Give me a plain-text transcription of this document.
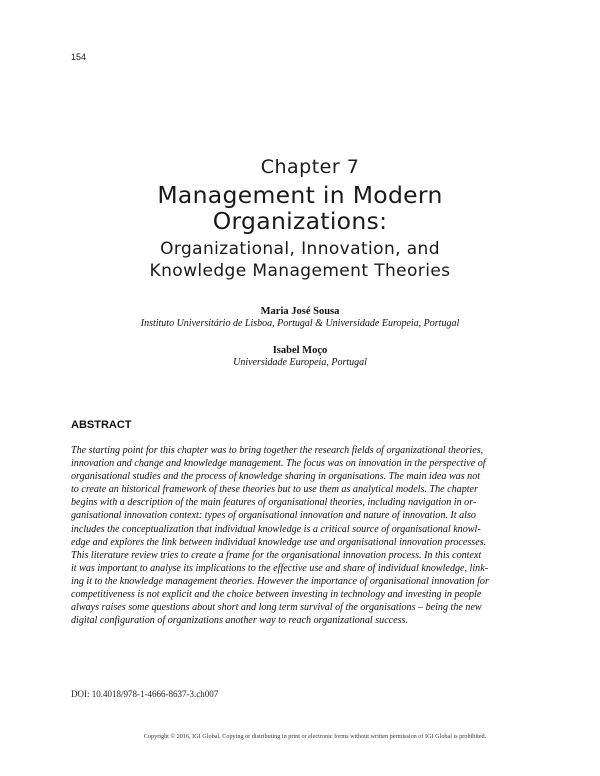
154
Chapter 7
Management in Modern
Organizations:
Organizational, Innovation, and
Knowledge Management Theories
Maria José Sousa
Instituto Universitário de Lisboa, Portugal & Universidade Europeia, Portugal
Isabel Moço
Universidade Europeia, Portugal
ABSTRACT
The starting point for this chapter was to bring together the research fields of organizational theories,
innovation and change and knowledge management. The focus was on innovation in the perspective of
organisational studies and the process of knowledge sharing in organisations. The main idea was not
to create an historical framework of these theories but to use them as analytical models. The chapter
begins with a description of the main features of organisational theories, including navigation in or-
ganisational innovation context: types of organisational innovation and nature of innovation. It also
includes the conceptualization that individual knowledge is a critical source of organisational knowl-
edge and explores the link between individual knowledge use and organisational innovation processes.
This literature review tries to create a frame for the organisational innovation process. In this context
it was important to analyse its implications to the effective use and share of individual knowledge, link-
ing it to the knowledge management theories. However the importance of organisational innovation for
competitiveness is not explicit and the choice between investing in technology and investing in people
always raises some questions about short and long term survival of the organisations – being the new
digital configuration of organizations another way to reach organizational success.
DOI: 10.4018/978-1-4666-8637-3.ch007
Copyright © 2016, IGI Global. Copying or distributing in print or electronic forms without written permission of IGI Global is prohibited.
